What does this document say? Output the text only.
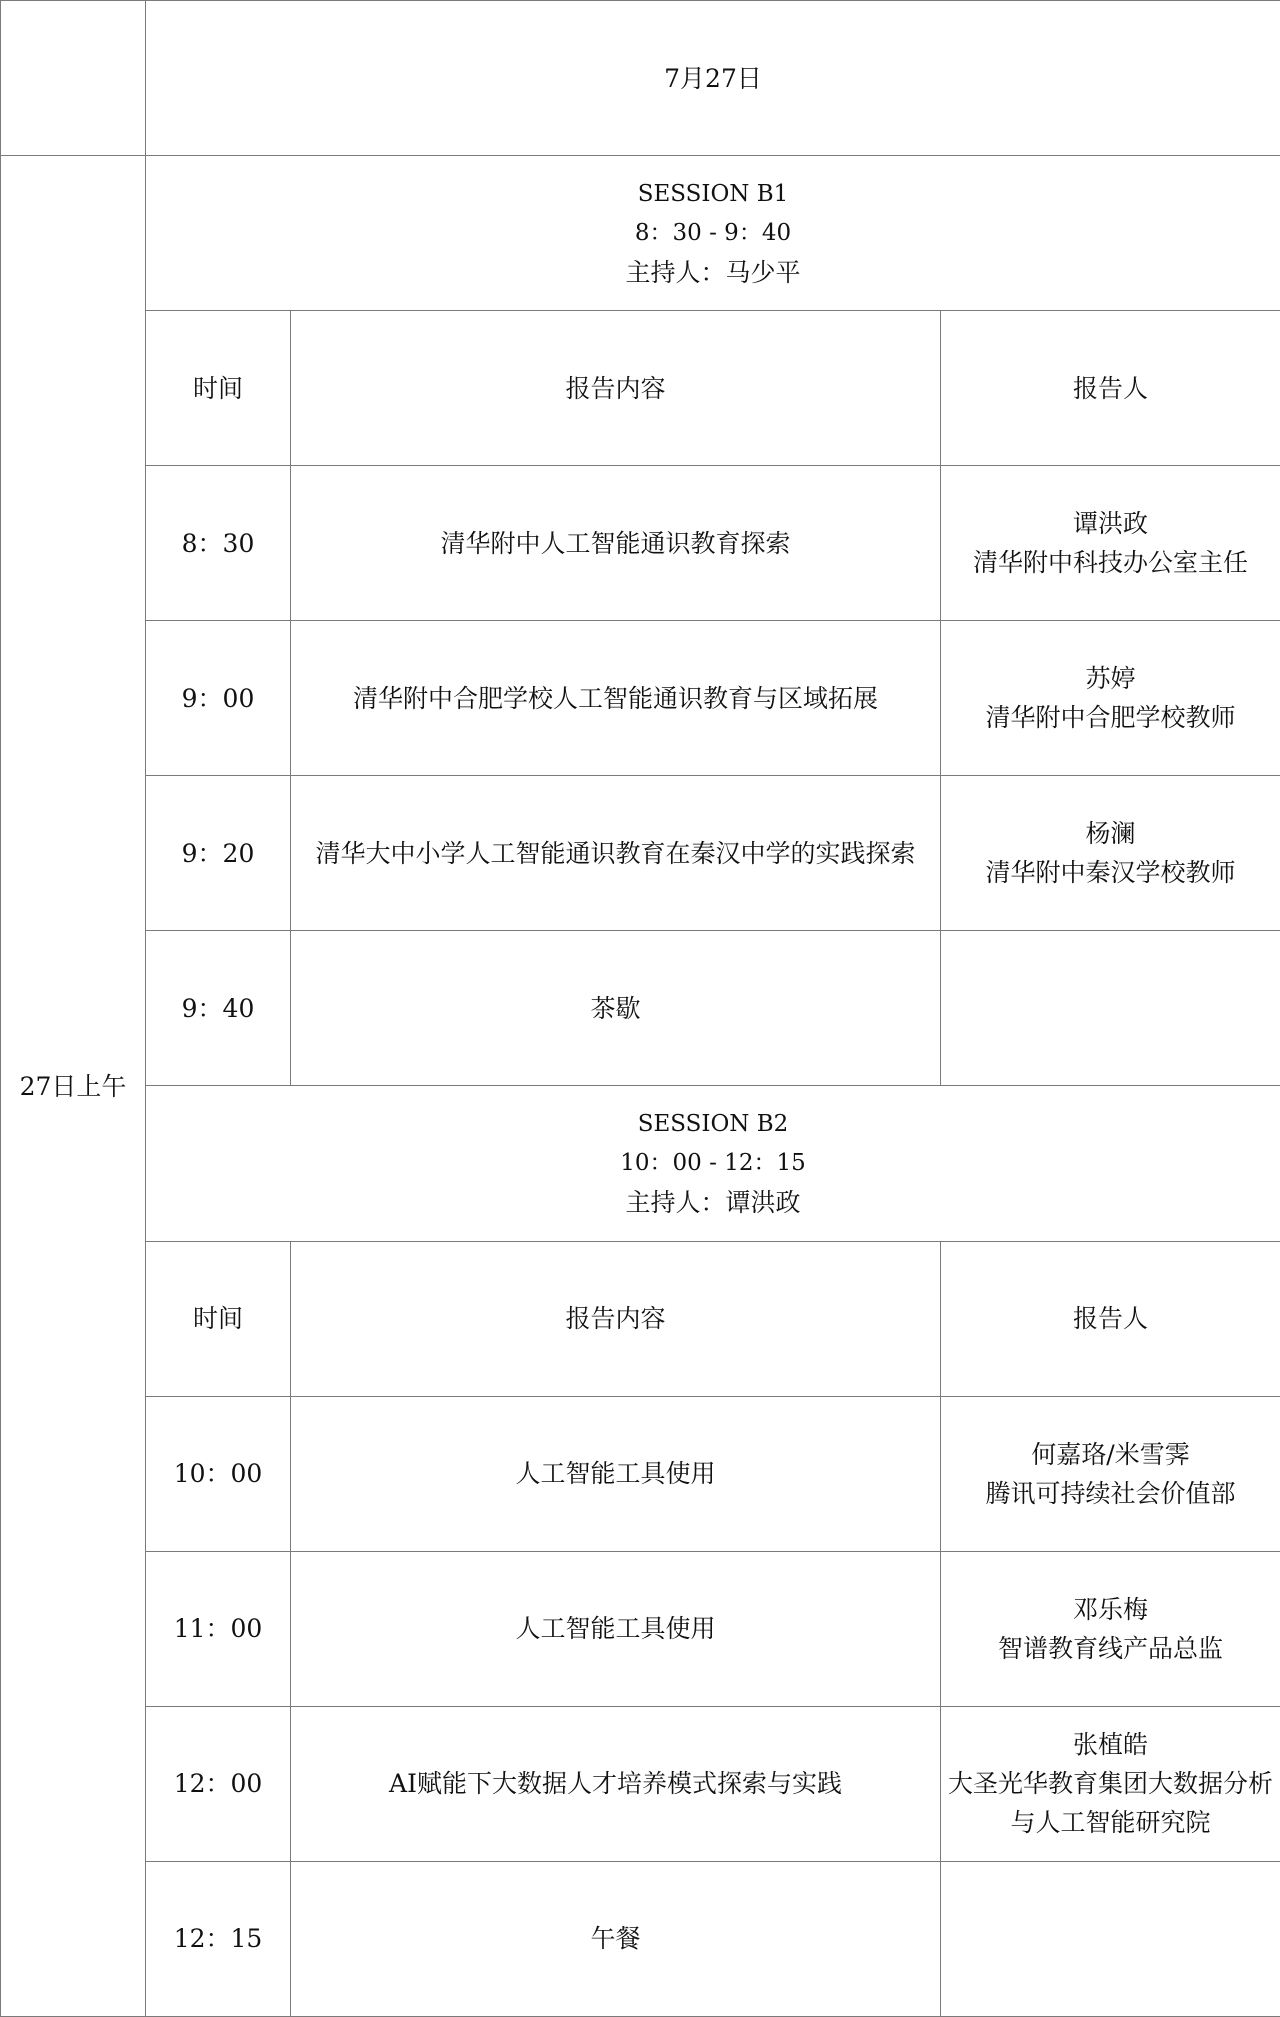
	7月27日		
27日上午	SESSION B1
8：30 - 9：40
主持人：马少平		

	时间	报告内容	报告人
	8：30	清华附中人工智能通识教育探索	谭洪政
清华附中科技办公室主任

	9：00	清华附中合肥学校人工智能通识教育与区域拓展	苏婷
清华附中合肥学校教师

	9：20	清华大中小学人工智能通识教育在秦汉中学的实践探索	杨澜
清华附中秦汉学校教师

	9：40	茶歇	

	SESSION B2
10：00 - 12：15
主持人：谭洪政		

	时间	报告内容	报告人
	10：00	人工智能工具使用	何嘉珞/米雪霁
腾讯可持续社会价值部

	11：00	人工智能工具使用	邓乐梅
智谱教育线产品总监

	12：00	AI赋能下大数据人才培养模式探索与实践	张植皓
大圣光华教育集团大数据分析与人工智能研究院

	12：15	午餐	
